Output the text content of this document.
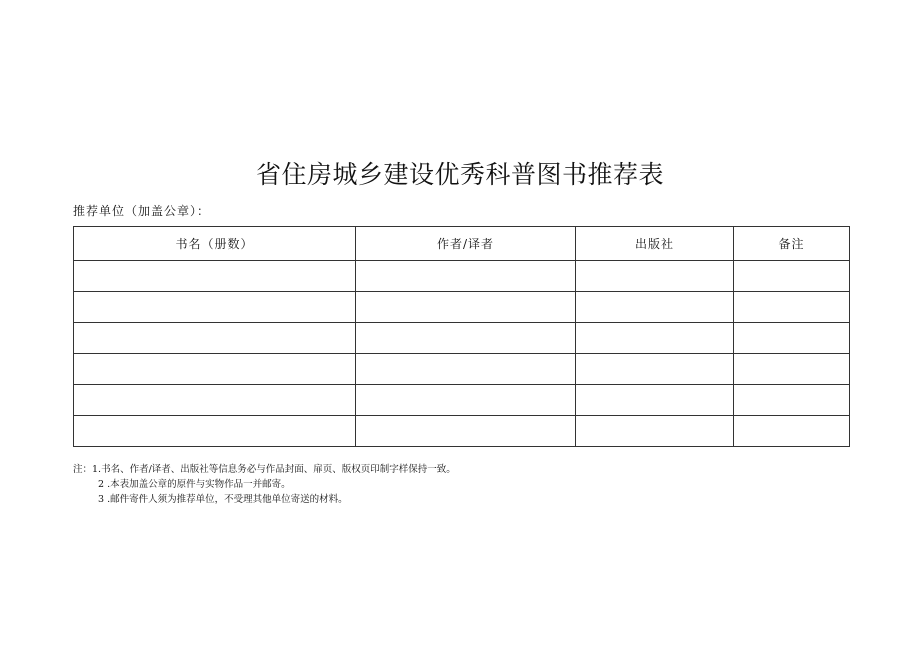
省住房城乡建设优秀科普图书推荐表
推荐单位（加盖公章）：
书名（册数）	作者/译者	出版社	备注

注：1.书名、作者/译者、出版社等信息务必与作品封面、扉页、版权页印制字样保持一致。
2 .本表加盖公章的原件与实物作品一并邮寄。
3 .邮件寄件人须为推荐单位，不受理其他单位寄送的材料。
